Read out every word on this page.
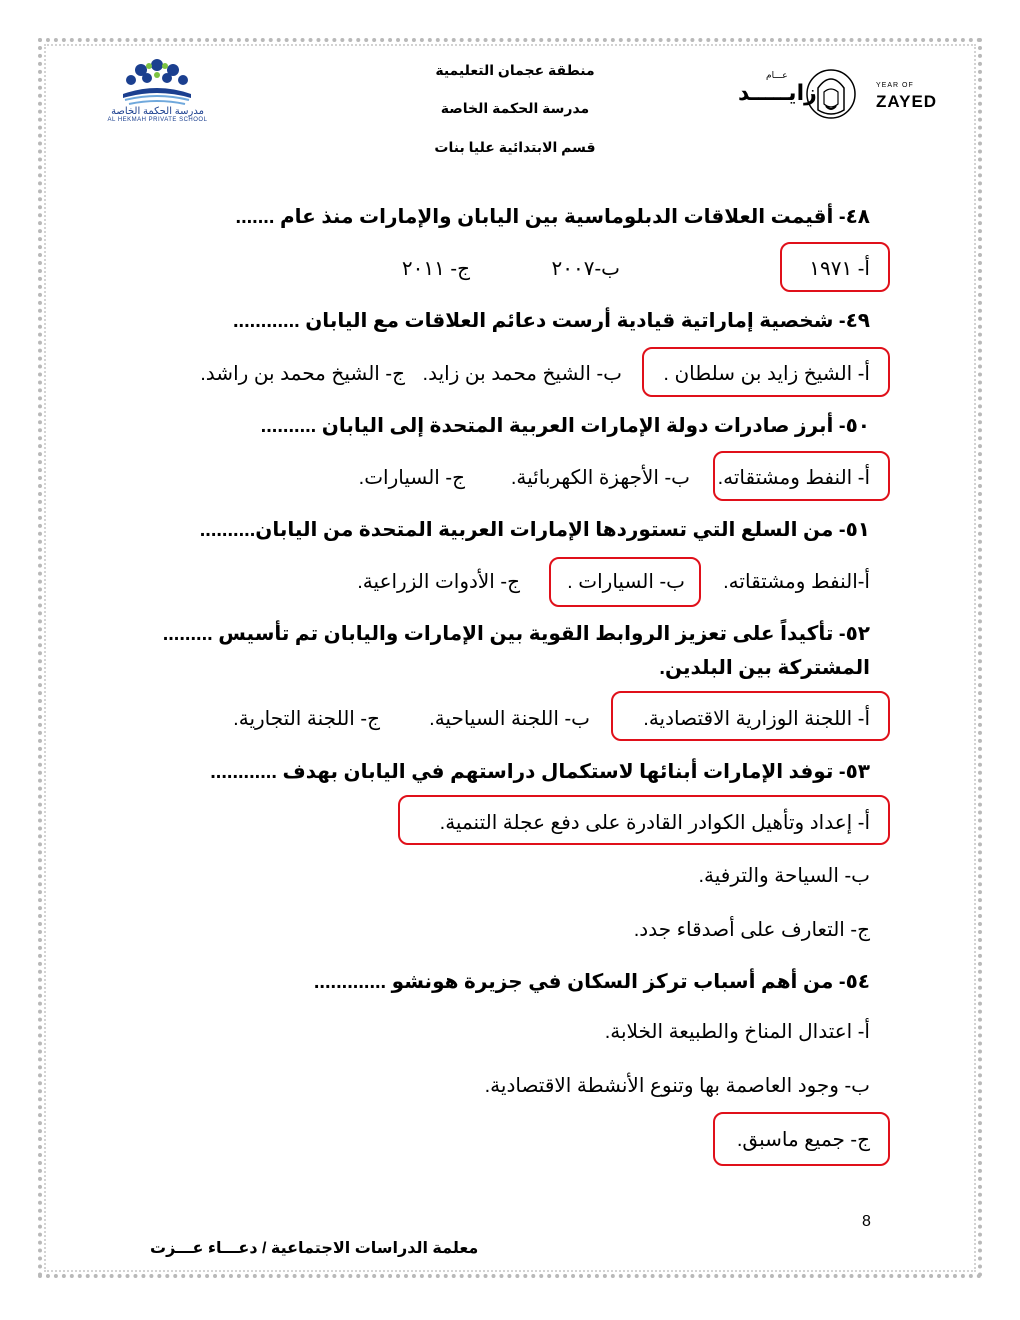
مدرسة الحكمة الخاصة
AL HEKMAH PRIVATE SCHOOL
منطقة عجمان التعليمية
مدرسة الحكمة الخاصة
قسم الابتدائية عليا بنات
عـــام
زايـــــد	YEAR OF
ZAYED
٤٨- أقيمت العلاقات الدبلوماسية بين اليابان والإمارات منذ عام .......
أ- ١٩٧١
ب-٢٠٠٧
ج- ٢٠١١
٤٩- شخصية إماراتية قيادية أرست دعائم العلاقات مع اليابان ............
أ- الشيخ زايد بن سلطان .
ب- الشيخ محمد بن زايد.
ج- الشيخ محمد بن راشد.
٥٠- أبرز صادرات دولة الإمارات العربية المتحدة إلى اليابان ..........
أ- النفط ومشتقاته.
ب- الأجهزة الكهربائية.
ج- السيارات.
٥١- من السلع التي تستوردها الإمارات العربية المتحدة من اليابان..........
أ-النفط ومشتقاته.
ب- السيارات .
ج- الأدوات الزراعية.
٥٢- تأكيداً على تعزيز الروابط القوية بين الإمارات واليابان تم تأسيس .........
المشتركة بين البلدين.
أ- اللجنة الوزارية الاقتصادية.
ب- اللجنة السياحية.
ج- اللجنة التجارية.
٥٣- توفد الإمارات أبنائها لاستكمال دراستهم في اليابان بهدف ............
أ- إعداد وتأهيل الكوادر القادرة على دفع عجلة التنمية.
ب- السياحة والترفية.
ج- التعارف على أصدقاء جدد.
٥٤- من أهم أسباب تركز السكان في جزيرة هونشو .............
أ- اعتدال المناخ والطبيعة الخلابة.
ب- وجود العاصمة بها وتنوع الأنشطة الاقتصادية.
ج- جميع ماسبق.
8
معلمة الدراسات الاجتماعية / دعـــاء عـــزت
